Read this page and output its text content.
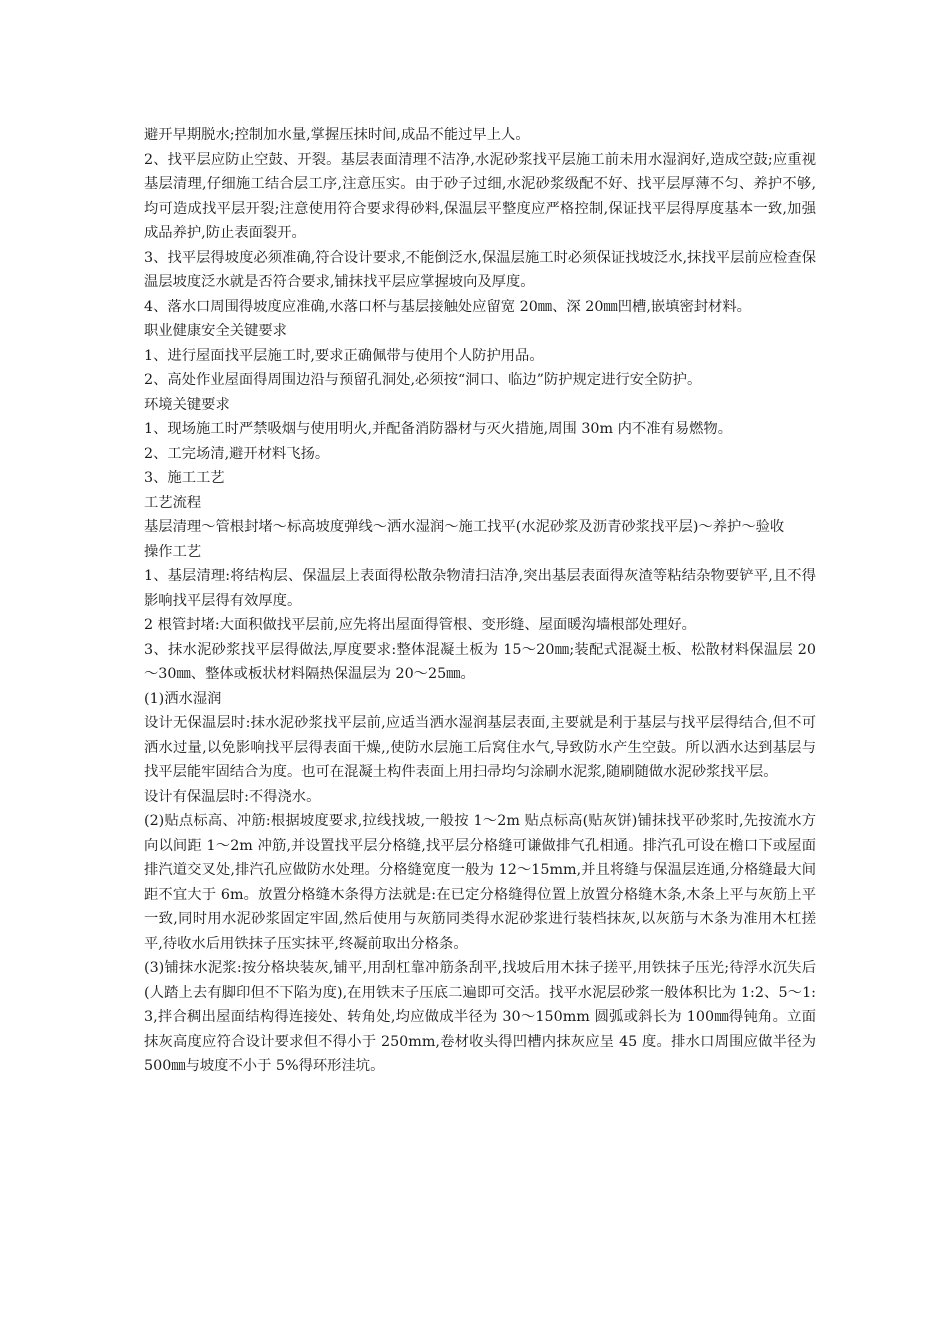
避开早期脱水;控制加水量,掌握压抹时间,成品不能过早上人。

2、找平层应防止空鼓、开裂。基层表面清理不洁净,水泥砂浆找平层施工前未用水湿润好,造成空鼓;应重视基层清理,仔细施工结合层工序,注意压实。由于砂子过细,水泥砂浆级配不好、找平层厚薄不匀、养护不够,均可造成找平层开裂;注意使用符合要求得砂料,保温层平整度应严格控制,保证找平层得厚度基本一致,加强成品养护,防止表面裂开。

3、找平层得坡度必须准确,符合设计要求,不能倒泛水,保温层施工时必须保证找坡泛水,抹找平层前应检查保温层坡度泛水就是否符合要求,铺抹找平层应掌握坡向及厚度。

4、落水口周围得坡度应准确,水落口杯与基层接触处应留宽 20㎜、深 20㎜凹槽,嵌填密封材料。

职业健康安全关键要求

1、进行屋面找平层施工时,要求正确佩带与使用个人防护用品。

2、高处作业屋面得周围边沿与预留孔洞处,必须按“洞口、临边”防护规定进行安全防护。

环境关键要求

1、现场施工时严禁吸烟与使用明火,并配备消防器材与灭火措施,周围 30m 内不准有易燃物。

2、工完场清,避开材料飞扬。

3、施工工艺

工艺流程

基层清理～管根封堵～标高坡度弹线～洒水湿润～施工找平(水泥砂浆及沥青砂浆找平层)～养护～验收

操作工艺

1、基层清理:将结构层、保温层上表面得松散杂物清扫洁净,突出基层表面得灰渣等粘结杂物要铲平,且不得影响找平层得有效厚度。

2 根管封堵:大面积做找平层前,应先将出屋面得管根、变形缝、屋面暖沟墙根部处理好。

3、抹水泥砂浆找平层得做法,厚度要求:整体混凝土板为 15～20㎜;装配式混凝土板、松散材料保温层 20～30㎜、整体或板状材料隔热保温层为 20～25㎜。

(1)洒水湿润

设计无保温层时:抹水泥砂浆找平层前,应适当洒水湿润基层表面,主要就是利于基层与找平层得结合,但不可洒水过量,以免影响找平层得表面干燥,,使防水层施工后窝住水气,导致防水产生空鼓。所以洒水达到基层与找平层能牢固结合为度。也可在混凝土构件表面上用扫帚均匀涂刷水泥浆,随刷随做水泥砂浆找平层。

设计有保温层时:不得浇水。

(2)贴点标高、冲筋:根据坡度要求,拉线找坡,一般按 1～2m 贴点标高(贴灰饼)铺抹找平砂浆时,先按流水方向以间距 1～2m 冲筋,并设置找平层分格缝,找平层分格缝可谦做排气孔相通。排汽孔可设在檐口下或屋面排汽道交叉处,排汽孔应做防水处理。分格缝宽度一般为 12～15mm,并且将缝与保温层连通,分格缝最大间距不宜大于 6m。放置分格缝木条得方法就是:在已定分格缝得位置上放置分格缝木条,木条上平与灰筋上平一致,同时用水泥砂浆固定牢固,然后使用与灰筋同类得水泥砂浆进行装档抹灰,以灰筋与木条为准用木杠搓平,待收水后用铁抹子压实抹平,终凝前取出分格条。

(3)铺抹水泥浆:按分格块装灰,铺平,用刮杠靠冲筋条刮平,找坡后用木抹子搓平,用铁抹子压光;待浮水沉失后(人踏上去有脚印但不下陷为度),在用铁末子压底二遍即可交活。找平水泥层砂浆一般体积比为 1:2、5～1:3,拌合稠出屋面结构得连接处、转角处,均应做成半径为 30～150mm 圆弧或斜长为 100㎜得钝角。立面抹灰高度应符合设计要求但不得小于 250mm,卷材收头得凹槽内抹灰应呈 45 度。排水口周围应做半径为 500㎜与坡度不小于 5%得环形洼坑。
